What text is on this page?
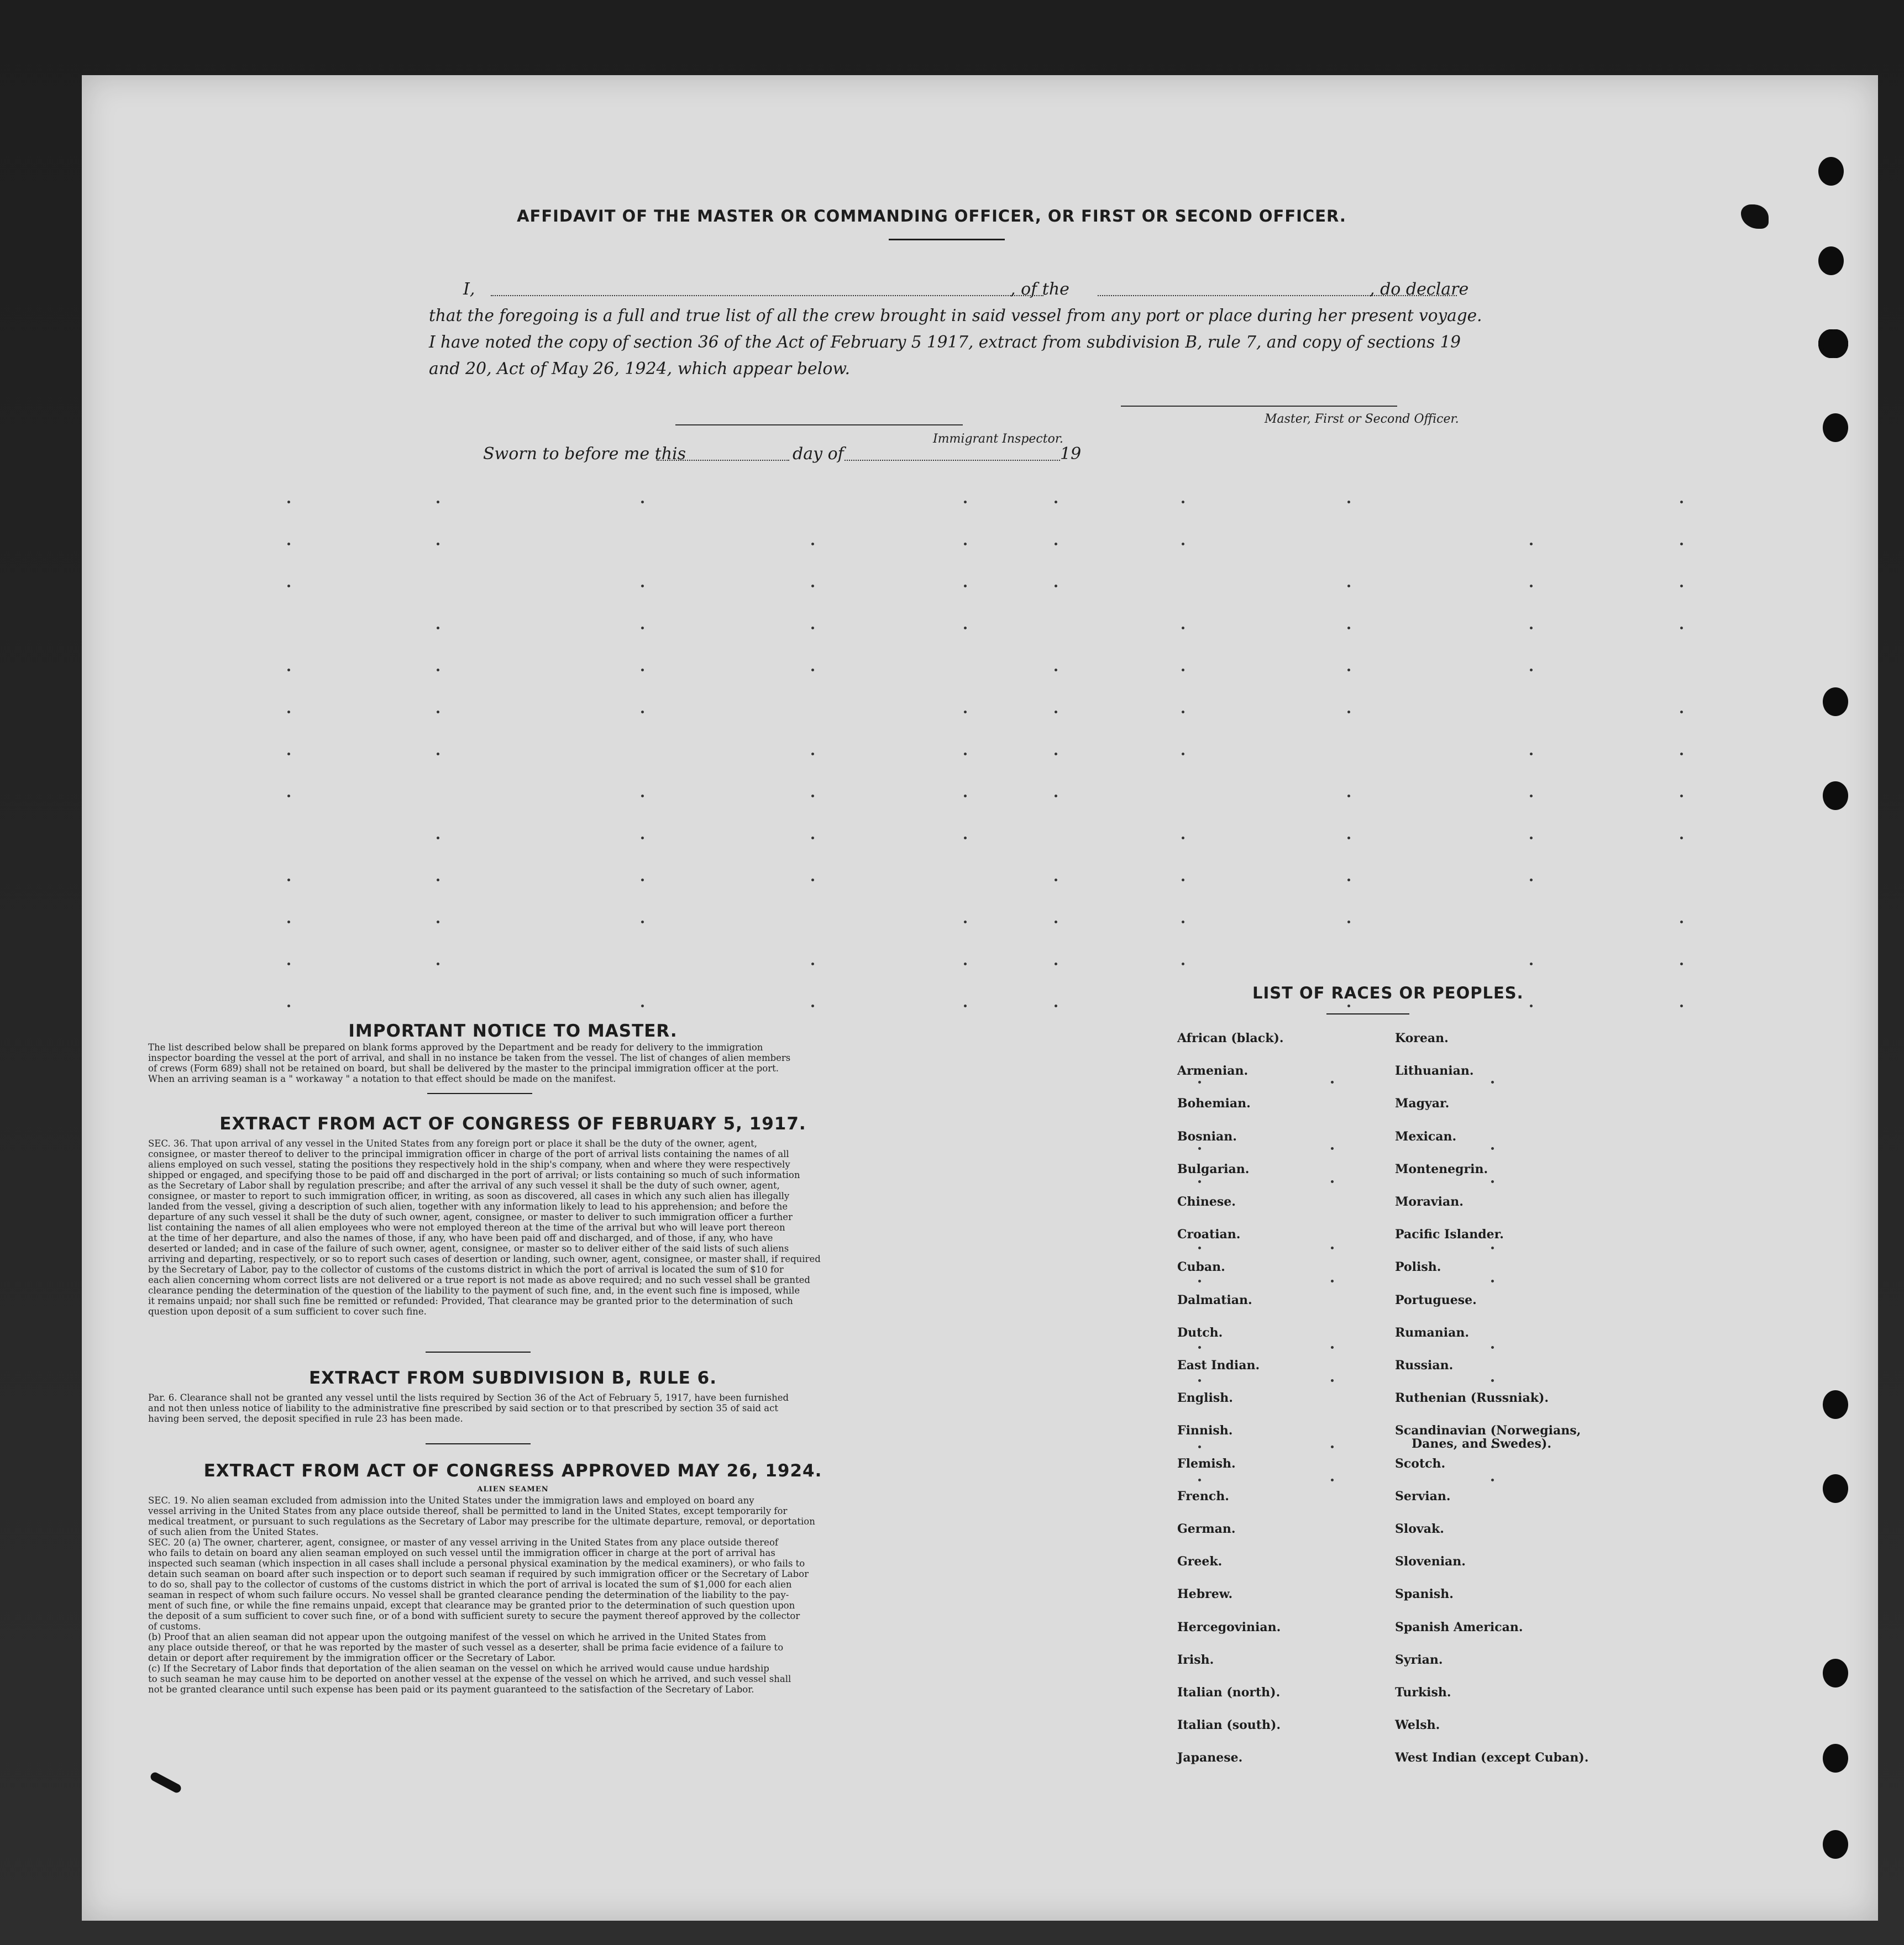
AFFIDAVIT OF THE MASTER OR COMMANDING OFFICER, OR FIRST OR SECOND OFFICER.
I,	, of the	, do declare
that the foregoing is a full and true list of all the crew brought in said vessel from any port or place during her present voyage.
I have noted the copy of section 36 of the Act of February 5 1917, extract from subdivision B, rule 7, and copy of sections 19
and 20, Act of May 26, 1924, which appear below.
Master, First or Second Officer.
Sworn to before me this	day of	19
Immigrant Inspector.
IMPORTANT NOTICE TO MASTER.
The list described below shall be prepared on blank forms approved by the Department and be ready for delivery to the immigration
inspector boarding the vessel at the port of arrival, and shall in no instance be taken from the vessel. The list of changes of alien members
of crews (Form 689) shall not be retained on board, but shall be delivered by the master to the principal immigration officer at the port.
When an arriving seaman is a " workaway " a notation to that effect should be made on the manifest.
EXTRACT FROM ACT OF CONGRESS OF FEBRUARY 5, 1917.
SEC. 36. That upon arrival of any vessel in the United States from any foreign port or place it shall be the duty of the owner, agent,
consignee, or master thereof to deliver to the principal immigration officer in charge of the port of arrival lists containing the names of all
aliens employed on such vessel, stating the positions they respectively hold in the ship's company, when and where they were respectively
shipped or engaged, and specifying those to be paid off and discharged in the port of arrival; or lists containing so much of such information
as the Secretary of Labor shall by regulation prescribe; and after the arrival of any such vessel it shall be the duty of such owner, agent,
consignee, or master to report to such immigration officer, in writing, as soon as discovered, all cases in which any such alien has illegally
landed from the vessel, giving a description of such alien, together with any information likely to lead to his apprehension; and before the
departure of any such vessel it shall be the duty of such owner, agent, consignee, or master to deliver to such immigration officer a further
list containing the names of all alien employees who were not employed thereon at the time of the arrival but who will leave port thereon
at the time of her departure, and also the names of those, if any, who have been paid off and discharged, and of those, if any, who have
deserted or landed; and in case of the failure of such owner, agent, consignee, or master so to deliver either of the said lists of such aliens
arriving and departing, respectively, or so to report such cases of desertion or landing, such owner, agent, consignee, or master shall, if required
by the Secretary of Labor, pay to the collector of customs of the customs district in which the port of arrival is located the sum of $10 for
each alien concerning whom correct lists are not delivered or a true report is not made as above required; and no such vessel shall be granted
clearance pending the determination of the question of the liability to the payment of such fine, and, in the event such fine is imposed, while
it remains unpaid; nor shall such fine be remitted or refunded: Provided, That clearance may be granted prior to the determination of such
question upon deposit of a sum sufficient to cover such fine.
EXTRACT FROM SUBDIVISION B, RULE 6.
Par. 6. Clearance shall not be granted any vessel until the lists required by Section 36 of the Act of February 5, 1917, have been furnished
and not then unless notice of liability to the administrative fine prescribed by said section or to that prescribed by section 35 of said act
having been served, the deposit specified in rule 23 has been made.
EXTRACT FROM ACT OF CONGRESS APPROVED MAY 26, 1924.
ALIEN SEAMEN
SEC. 19. No alien seaman excluded from admission into the United States under the immigration laws and employed on board any
vessel arriving in the United States from any place outside thereof, shall be permitted to land in the United States, except temporarily for
medical treatment, or pursuant to such regulations as the Secretary of Labor may prescribe for the ultimate departure, removal, or deportation
of such alien from the United States.
SEC. 20 (a) The owner, charterer, agent, consignee, or master of any vessel arriving in the United States from any place outside thereof
who fails to detain on board any alien seaman employed on such vessel until the immigration officer in charge at the port of arrival has
inspected such seaman (which inspection in all cases shall include a personal physical examination by the medical examiners), or who fails to
detain such seaman on board after such inspection or to deport such seaman if required by such immigration officer or the Secretary of Labor
to do so, shall pay to the collector of customs of the customs district in which the port of arrival is located the sum of $1,000 for each alien
seaman in respect of whom such failure occurs. No vessel shall be granted clearance pending the determination of the liability to the pay-
ment of such fine, or while the fine remains unpaid, except that clearance may be granted prior to the determination of such question upon
the deposit of a sum sufficient to cover such fine, or of a bond with sufficient surety to secure the payment thereof approved by the collector
of customs.
(b) Proof that an alien seaman did not appear upon the outgoing manifest of the vessel on which he arrived in the United States from
any place outside thereof, or that he was reported by the master of such vessel as a deserter, shall be prima facie evidence of a failure to
detain or deport after requirement by the immigration officer or the Secretary of Labor.
(c) If the Secretary of Labor finds that deportation of the alien seaman on the vessel on which he arrived would cause undue hardship
to such seaman he may cause him to be deported on another vessel at the expense of the vessel on which he arrived, and such vessel shall
not be granted clearance until such expense has been paid or its payment guaranteed to the satisfaction of the Secretary of Labor.
LIST OF RACES OR PEOPLES.
African (black).
Armenian.
Bohemian.
Bosnian.
Bulgarian.
Chinese.
Croatian.
Cuban.
Dalmatian.
Dutch.
East Indian.
English.
Finnish.
Flemish.
French.
German.
Greek.
Hebrew.
Hercegovinian.
Irish.
Italian (north).
Italian (south).
Japanese.
Korean.
Lithuanian.
Magyar.
Mexican.
Montenegrin.
Moravian.
Pacific Islander.
Polish.
Portuguese.
Rumanian.
Russian.
Ruthenian (Russniak).
Scandinavian (Norwegians,
Danes, and Swedes).
Scotch.
Servian.
Slovak.
Slovenian.
Spanish.
Spanish American.
Syrian.
Turkish.
Welsh.
West Indian (except Cuban).
